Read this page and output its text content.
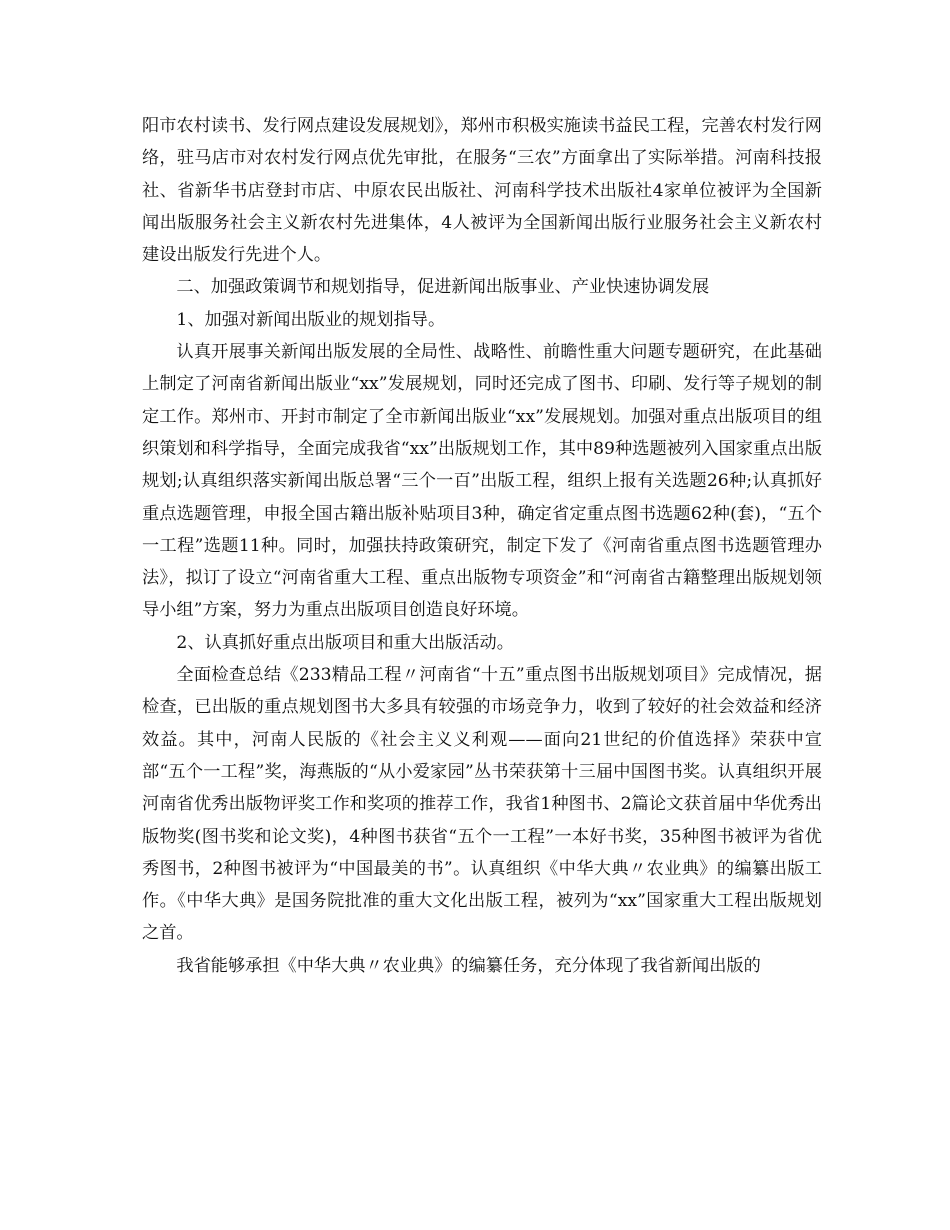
阳市农村读书、发行网点建设发展规划》，郑州市积极实施读书益民工程，完善农村发行网络，驻马店市对农村发行网点优先审批，在服务“三农”方面拿出了实际举措。河南科技报社、省新华书店登封市店、中原农民出版社、河南科学技术出版社4家单位被评为全国新闻出版服务社会主义新农村先进集体，4人被评为全国新闻出版行业服务社会主义新农村建设出版发行先进个人。

二、加强政策调节和规划指导，促进新闻出版事业、产业快速协调发展

1、加强对新闻出版业的规划指导。

认真开展事关新闻出版发展的全局性、战略性、前瞻性重大问题专题研究，在此基础上制定了河南省新闻出版业“xx”发展规划，同时还完成了图书、印刷、发行等子规划的制定工作。郑州市、开封市制定了全市新闻出版业“xx”发展规划。加强对重点出版项目的组织策划和科学指导，全面完成我省“xx”出版规划工作，其中89种选题被列入国家重点出版规划;认真组织落实新闻出版总署“三个一百”出版工程，组织上报有关选题26种;认真抓好重点选题管理，申报全国古籍出版补贴项目3种，确定省定重点图书选题62种(套)，“五个一工程”选题11种。同时，加强扶持政策研究，制定下发了《河南省重点图书选题管理办法》，拟订了设立“河南省重大工程、重点出版物专项资金”和“河南省古籍整理出版规划领导小组”方案，努力为重点出版项目创造良好环境。

2、认真抓好重点出版项目和重大出版活动。

全面检查总结《233精品工程〃河南省“十五”重点图书出版规划项目》完成情况，据检查，已出版的重点规划图书大多具有较强的市场竞争力，收到了较好的社会效益和经济效益。其中，河南人民版的《社会主义义利观——面向21世纪的价值选择》荣获中宣部“五个一工程”奖，海燕版的“从小爱家园”丛书荣获第十三届中国图书奖。认真组织开展河南省优秀出版物评奖工作和奖项的推荐工作，我省1种图书、2篇论文获首届中华优秀出版物奖(图书奖和论文奖)，4种图书获省“五个一工程”一本好书奖，35种图书被评为省优秀图书，2种图书被评为“中国最美的书”。认真组织《中华大典〃农业典》的编纂出版工作。《中华大典》是国务院批准的重大文化出版工程，被列为“xx”国家重大工程出版规划之首。

我省能够承担《中华大典〃农业典》的编纂任务，充分体现了我省新闻出版的
